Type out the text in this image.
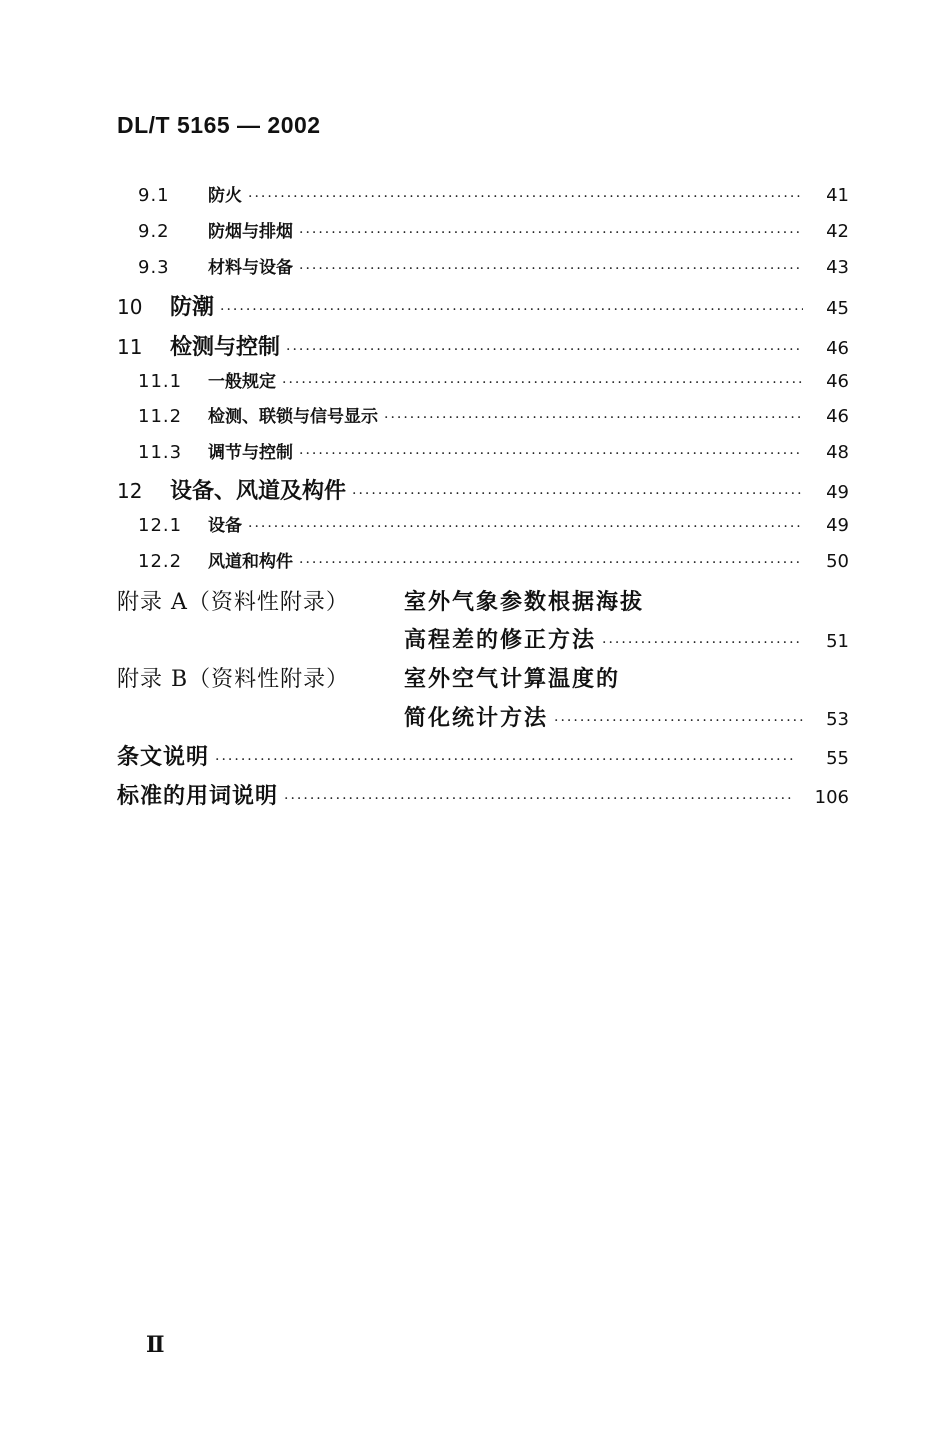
DL/T 5165 — 2002
9.1	防火 ·····	41
9.2	防烟与排烟 ·····	42
9.3	材料与设备 ·····	43
10	防潮 ·····	45
11	检测与控制 ·····	46
11.1	一般规定 ·····	46
11.2	检测、联锁与信号显示 ·····	46
11.3	调节与控制 ·····	48
12	设备、风道及构件 ·····	49
12.1	设备 ·····	49
12.2	风道和构件 ·····	50
附录 A（资料性附录）	室外气象参数根据海拔
高程差的修正方法 ·····	51
附录 B（资料性附录） 室外空气计算温度的
简化统计方法 ·····	53
条文说明 ·····	55
标准的用词说明 ·····	106
Ⅱ
